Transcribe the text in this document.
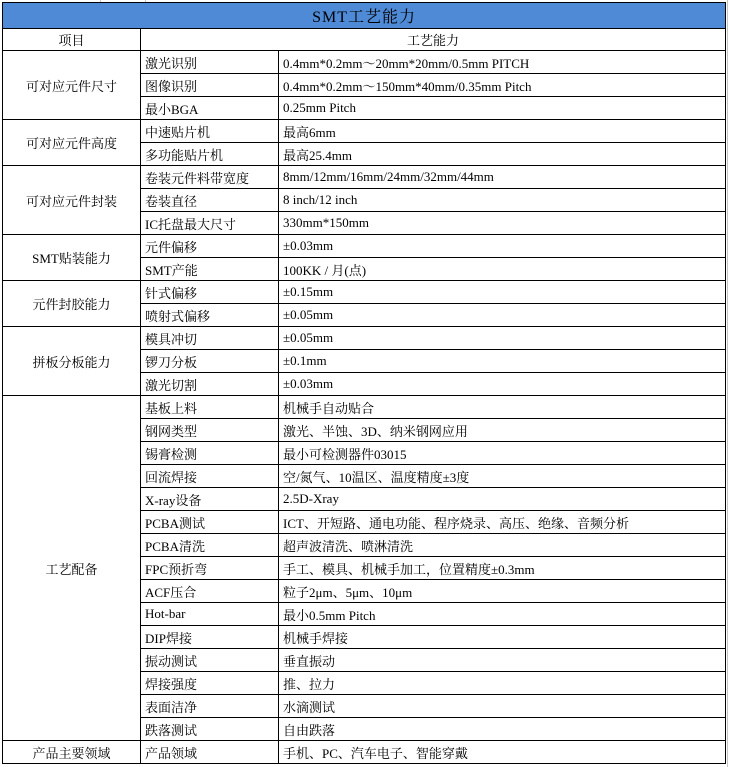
SMT工艺能力		
项目	工艺能力	
可对应元件尺寸	激光识别	0.4mm*0.2mm～20mm*20mm/0.5mm PITCH
	图像识别	0.4mm*0.2mm～150mm*40mm/0.35mm Pitch
	最小BGA	0.25mm Pitch
可对应元件高度	中速贴片机	最高6mm
	多功能贴片机	最高25.4mm
可对应元件封装	卷装元件料带宽度	8mm/12mm/16mm/24mm/32mm/44mm
	卷装直径	8 inch/12 inch
	IC托盘最大尺寸	330mm*150mm
SMT贴装能力	元件偏移	±0.03mm
	SMT产能	100KK / 月(点)
元件封胶能力	针式偏移	±0.15mm
	喷射式偏移	±0.05mm
拼板分板能力	模具冲切	±0.05mm
	锣刀分板	±0.1mm
	激光切割	±0.03mm
工艺配备	基板上料	机械手自动贴合
	钢网类型	激光、半蚀、3D、纳米钢网应用
	锡膏检测	最小可检测器件03015
	回流焊接	空/氮气、10温区、温度精度±3度
	X-ray设备	2.5D-Xray
	PCBA测试	ICT、开短路、通电功能、程序烧录、高压、绝缘、音频分析
	PCBA清洗	超声波清洗、喷淋清洗
	FPC预折弯	手工、模具、机械手加工，位置精度±0.3mm
	ACF压合	粒子2μm、5μm、10μm
	Hot-bar	最小0.5mm Pitch
	DIP焊接	机械手焊接
	振动测试	垂直振动
	焊接强度	推、拉力
	表面洁净	水滴测试
	跌落测试	自由跌落
产品主要领域	产品领域	手机、PC、汽车电子、智能穿戴
